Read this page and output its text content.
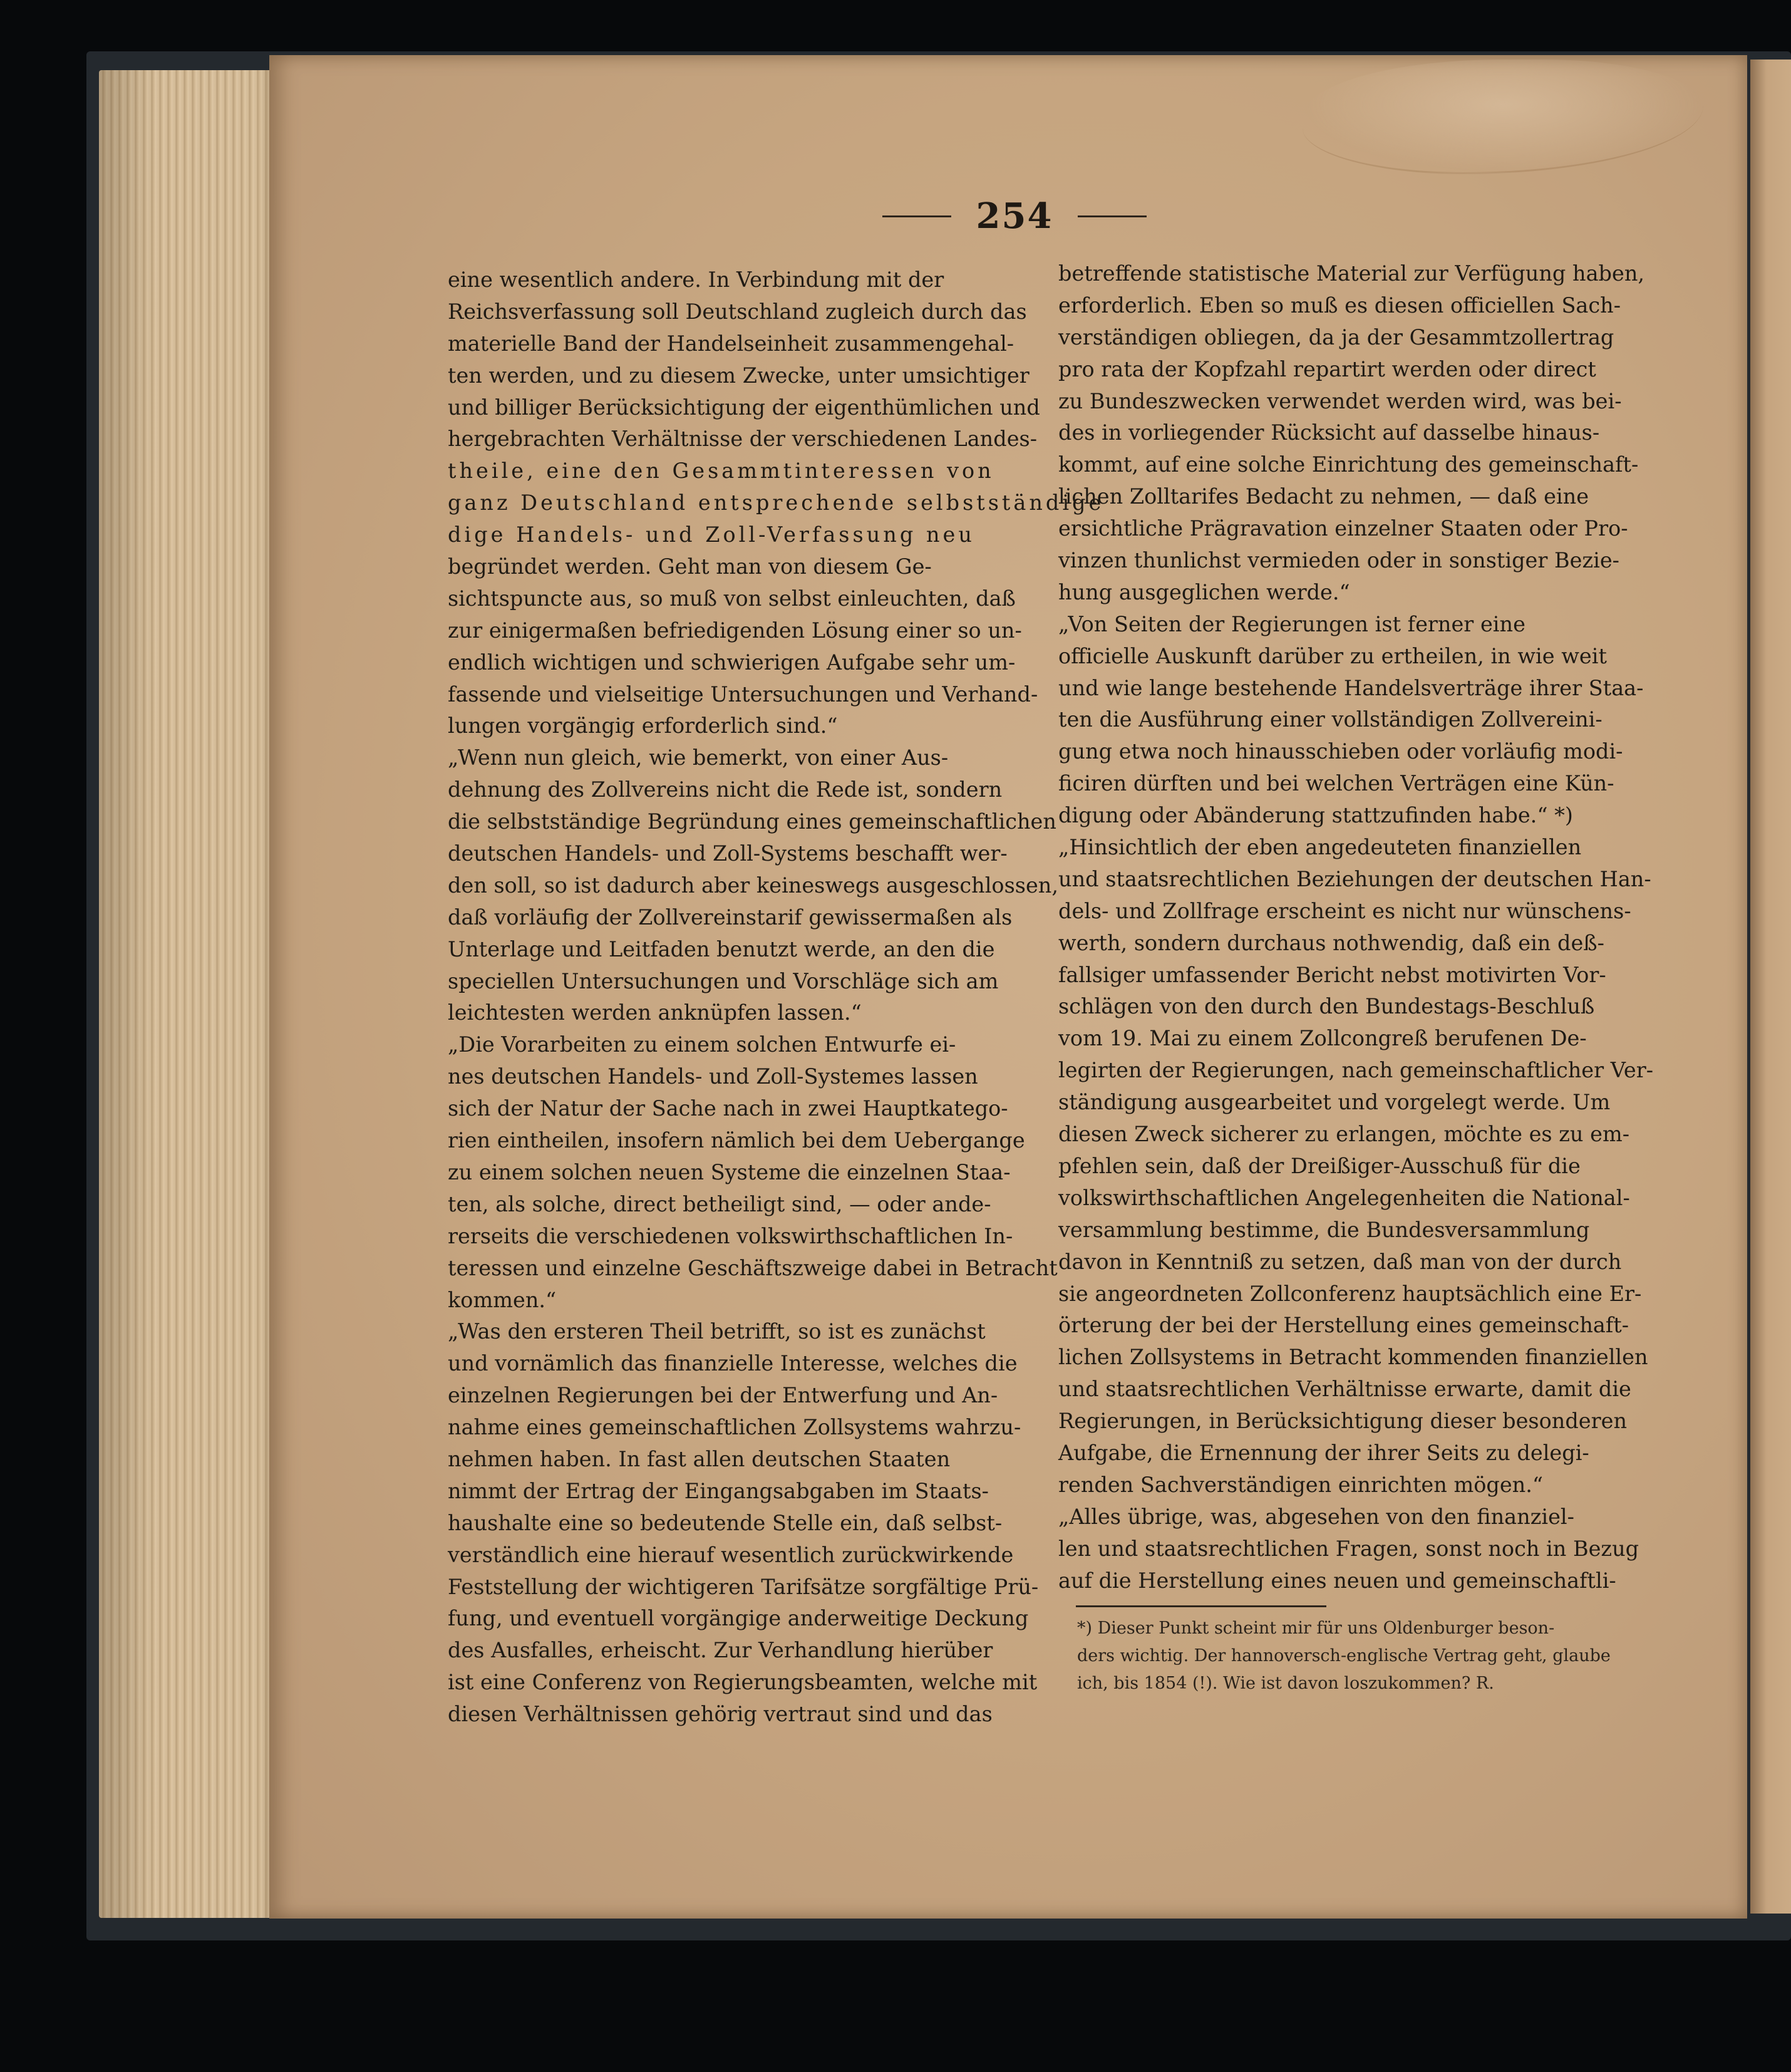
254
eine wesentlich andere. In Verbindung mit der
Reichsverfassung soll Deutschland zugleich durch das
materielle Band der Handelseinheit zusammengehal-
ten werden, und zu diesem Zwecke, unter umsichtiger
und billiger Berücksichtigung der eigenthümlichen und
hergebrachten Verhältnisse der verschiedenen Landes-
theile, eine den Gesammtinteressen von
ganz Deutschland entsprechende selbstständige
dige Handels- und Zoll-Verfassung neu
begründet werden. Geht man von diesem Ge-
sichtspuncte aus, so muß von selbst einleuchten, daß
zur einigermaßen befriedigenden Lösung einer so un-
endlich wichtigen und schwierigen Aufgabe sehr um-
fassende und vielseitige Untersuchungen und Verhand-
lungen vorgängig erforderlich sind.“
„Wenn nun gleich, wie bemerkt, von einer Aus-
dehnung des Zollvereins nicht die Rede ist, sondern
die selbstständige Begründung eines gemeinschaftlichen
deutschen Handels- und Zoll-Systems beschafft wer-
den soll, so ist dadurch aber keineswegs ausgeschlossen,
daß vorläufig der Zollvereinstarif gewissermaßen als
Unterlage und Leitfaden benutzt werde, an den die
speciellen Untersuchungen und Vorschläge sich am
leichtesten werden anknüpfen lassen.“
„Die Vorarbeiten zu einem solchen Entwurfe ei-
nes deutschen Handels- und Zoll-Systemes lassen
sich der Natur der Sache nach in zwei Hauptkatego-
rien eintheilen, insofern nämlich bei dem Uebergange
zu einem solchen neuen Systeme die einzelnen Staa-
ten, als solche, direct betheiligt sind, — oder ande-
rerseits die verschiedenen volkswirthschaftlichen In-
teressen und einzelne Geschäftszweige dabei in Betracht
kommen.“
„Was den ersteren Theil betrifft, so ist es zunächst
und vornämlich das finanzielle Interesse, welches die
einzelnen Regierungen bei der Entwerfung und An-
nahme eines gemeinschaftlichen Zollsystems wahrzu-
nehmen haben. In fast allen deutschen Staaten
nimmt der Ertrag der Eingangsabgaben im Staats-
haushalte eine so bedeutende Stelle ein, daß selbst-
verständlich eine hierauf wesentlich zurückwirkende
Feststellung der wichtigeren Tarifsätze sorgfältige Prü-
fung, und eventuell vorgängige anderweitige Deckung
des Ausfalles, erheischt. Zur Verhandlung hierüber
ist eine Conferenz von Regierungsbeamten, welche mit
diesen Verhältnissen gehörig vertraut sind und das
betreffende statistische Material zur Verfügung haben,
erforderlich. Eben so muß es diesen officiellen Sach-
verständigen obliegen, da ja der Gesammtzollertrag
pro rata der Kopfzahl repartirt werden oder direct
zu Bundeszwecken verwendet werden wird, was bei-
des in vorliegender Rücksicht auf dasselbe hinaus-
kommt, auf eine solche Einrichtung des gemeinschaft-
lichen Zolltarifes Bedacht zu nehmen, — daß eine
ersichtliche Prägravation einzelner Staaten oder Pro-
vinzen thunlichst vermieden oder in sonstiger Bezie-
hung ausgeglichen werde.“
„Von Seiten der Regierungen ist ferner eine
officielle Auskunft darüber zu ertheilen, in wie weit
und wie lange bestehende Handelsverträge ihrer Staa-
ten die Ausführung einer vollständigen Zollvereini-
gung etwa noch hinausschieben oder vorläufig modi-
ficiren dürften und bei welchen Verträgen eine Kün-
digung oder Abänderung stattzufinden habe.“ *)
„Hinsichtlich der eben angedeuteten finanziellen
und staatsrechtlichen Beziehungen der deutschen Han-
dels- und Zollfrage erscheint es nicht nur wünschens-
werth, sondern durchaus nothwendig, daß ein deß-
fallsiger umfassender Bericht nebst motivirten Vor-
schlägen von den durch den Bundestags-Beschluß
vom 19. Mai zu einem Zollcongreß berufenen De-
legirten der Regierungen, nach gemeinschaftlicher Ver-
ständigung ausgearbeitet und vorgelegt werde. Um
diesen Zweck sicherer zu erlangen, möchte es zu em-
pfehlen sein, daß der Dreißiger-Ausschuß für die
volkswirthschaftlichen Angelegenheiten die National-
versammlung bestimme, die Bundesversammlung
davon in Kenntniß zu setzen, daß man von der durch
sie angeordneten Zollconferenz hauptsächlich eine Er-
örterung der bei der Herstellung eines gemeinschaft-
lichen Zollsystems in Betracht kommenden finanziellen
und staatsrechtlichen Verhältnisse erwarte, damit die
Regierungen, in Berücksichtigung dieser besonderen
Aufgabe, die Ernennung der ihrer Seits zu delegi-
renden Sachverständigen einrichten mögen.“
„Alles übrige, was, abgesehen von den finanziel-
len und staatsrechtlichen Fragen, sonst noch in Bezug
auf die Herstellung eines neuen und gemeinschaftli-
*) Dieser Punkt scheint mir für uns Oldenburger beson-
ders wichtig. Der hannoversch-englische Vertrag geht, glaube
ich, bis 1854 (!). Wie ist davon loszukommen? R.
